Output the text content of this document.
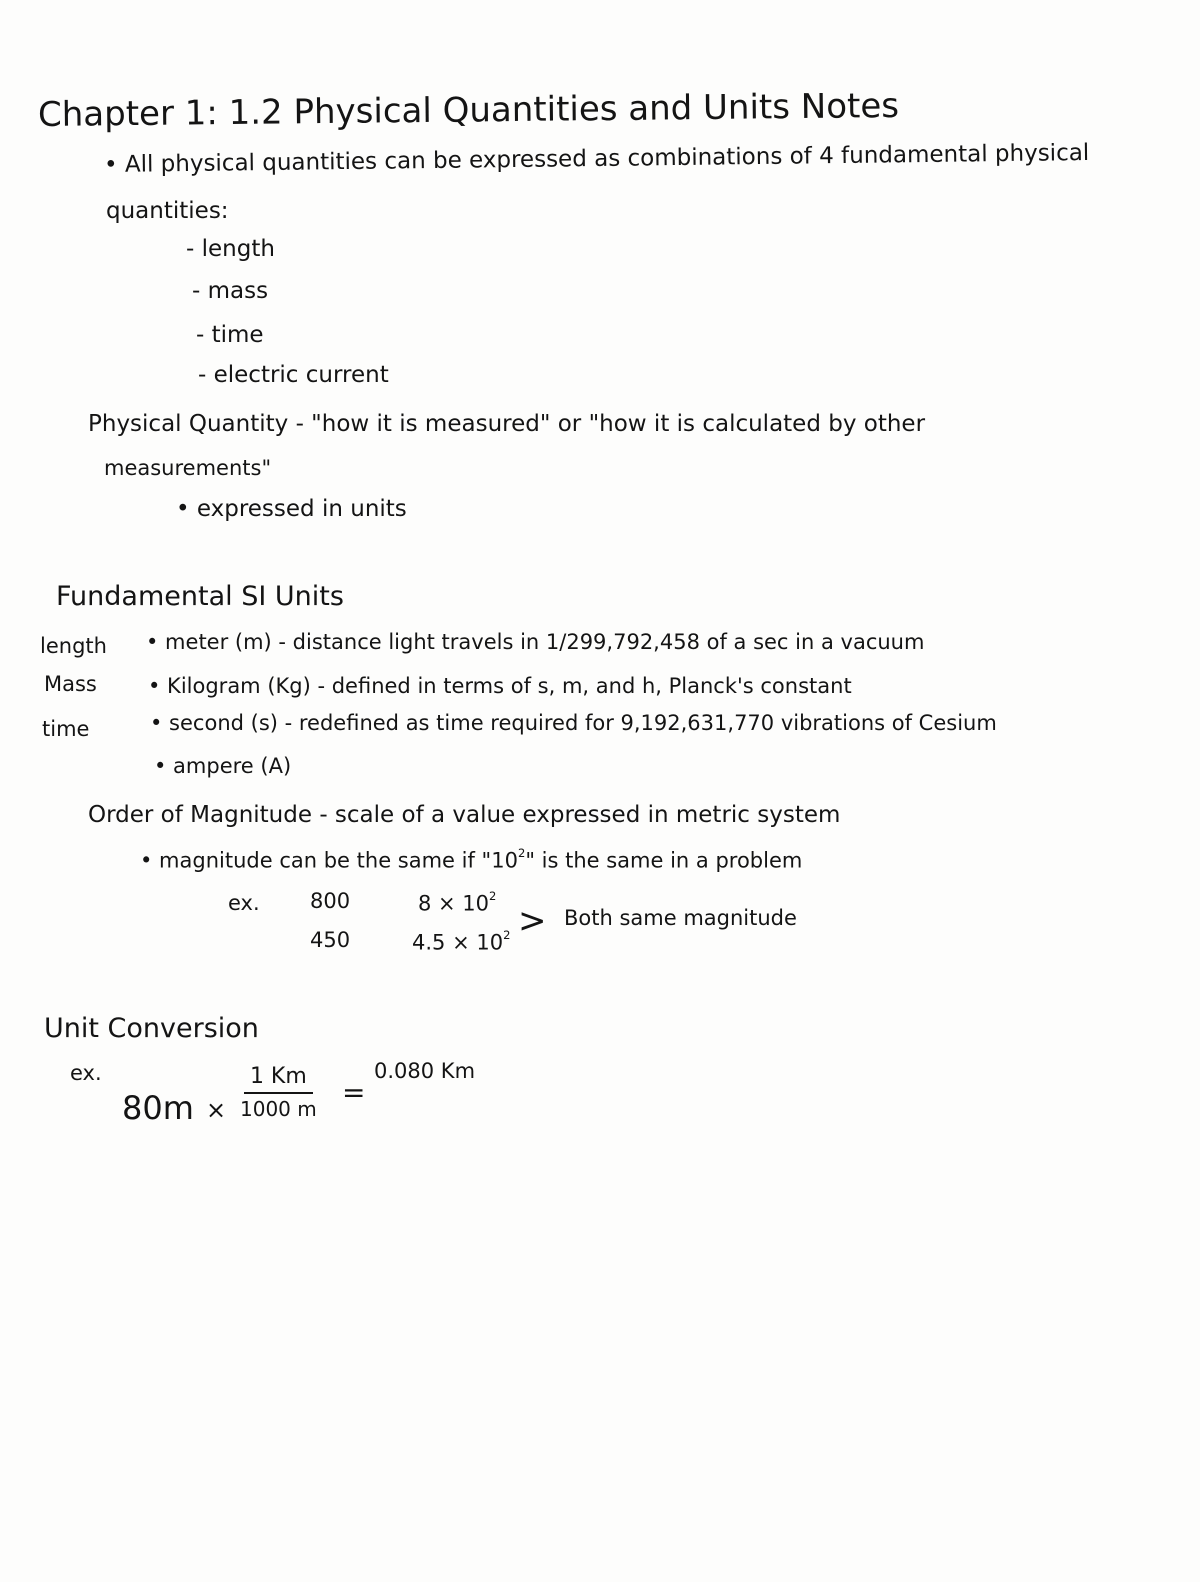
Chapter 1: 1.2 Physical Quantities and Units Notes
• All physical quantities can be expressed as combinations of 4 fundamental physical
quantities:
- length
- mass
- time
- electric current
Physical Quantity - "how it is measured" or "how it is calculated by other
measurements"
• expressed in units
Fundamental SI Units
length • meter (m) - distance light travels in 1/299,792,458 of a sec in a vacuum
Mass • Kilogram (Kg) - defined in terms of s, m, and h, Planck's constant
time	• second (s) - redefined as time required for 9,192,631,770 vibrations of Cesium
• ampere (A)
Order of Magnitude - scale of a value expressed in metric system
• magnitude can be the same if "$10^2$" is the same in a problem
ex. 800	$8 \times 10^2$
450	$4.5 \times 10^2$ > Both same magnitude
Unit Conversion
ex.
$80m \times \frac{1 Km}{1000 m}$ =
0.080 Km
